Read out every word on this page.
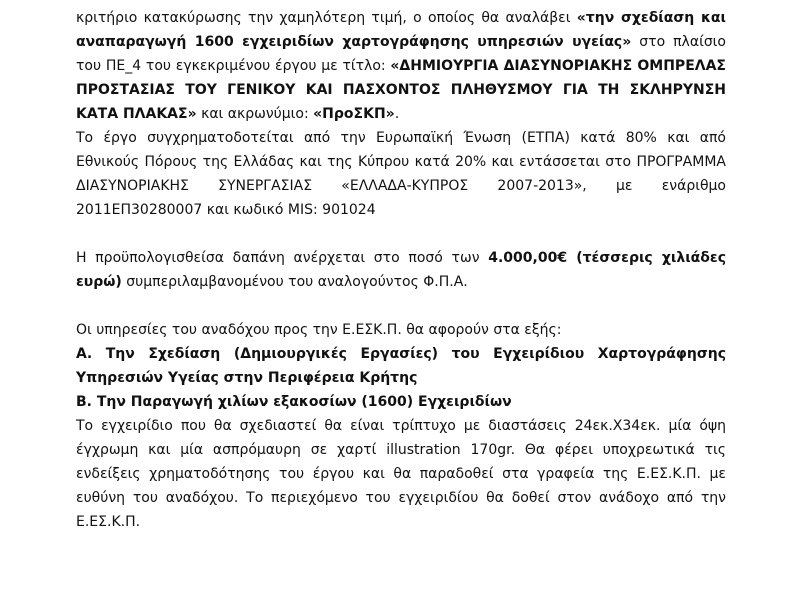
κριτήριο κατακύρωσης την χαμηλότερη τιμή, ο οποίος θα αναλάβει «την σχεδίαση και αναπαραγωγή 1600 εγχειριδίων χαρτογράφησης υπηρεσιών υγείας» στο πλαίσιο του ΠΕ_4 του εγκεκριμένου έργου με τίτλο: «ΔΗΜΙΟΥΡΓΙΑ ΔΙΑΣΥΝΟΡΙΑΚΗΣ ΟΜΠΡΕΛΑΣ ΠΡΟΣΤΑΣΙΑΣ ΤΟΥ ΓΕΝΙΚΟΥ ΚΑΙ ΠΑΣΧΟΝΤΟΣ ΠΛΗΘΥΣΜΟΥ ΓΙΑ ΤΗ ΣΚΛΗΡΥΝΣΗ ΚΑΤΑ ΠΛΑΚΑΣ» και ακρωνύμιο: «ΠροΣΚΠ».

Το έργο συγχρηματοδοτείται από την Ευρωπαϊκή Ένωση (ΕΤΠΑ) κατά 80% και από Εθνικούς Πόρους της Ελλάδας και της Κύπρου κατά 20% και εντάσσεται στο ΠΡΟΓΡΑΜΜΑ ΔΙΑΣΥΝΟΡΙΑΚΗΣ ΣΥΝΕΡΓΑΣΙΑΣ «ΕΛΛΑΔΑ-ΚΥΠΡΟΣ 2007-2013», με ενάριθμο 2011ΕΠ30280007 και κωδικό MIS: 901024

Η προϋπολογισθείσα δαπάνη ανέρχεται στο ποσό των 4.000,00€ (τέσσερις χιλιάδες ευρώ) συμπεριλαμβανομένου του αναλογούντος Φ.Π.Α.

Οι υπηρεσίες του αναδόχου προς την Ε.ΕΣΚ.Π. θα αφορούν στα εξής:

Α. Την Σχεδίαση (Δημιουργικές Εργασίες) του Εγχειρίδιου Χαρτογράφησης Υπηρεσιών Υγείας στην Περιφέρεια Κρήτης

Β. Την Παραγωγή χιλίων εξακοσίων (1600) Εγχειριδίων

Το εγχειρίδιο που θα σχεδιαστεί θα είναι τρίπτυχο με διαστάσεις 24εκ.Χ34εκ. μία όψη έγχρωμη και μία ασπρόμαυρη σε χαρτί illustration 170gr. Θα φέρει υποχρεωτικά τις ενδείξεις χρηματοδότησης του έργου και θα παραδοθεί στα γραφεία της Ε.ΕΣ.Κ.Π. με ευθύνη του αναδόχου. Το περιεχόμενο του εγχειριδίου θα δοθεί στον ανάδοχο από την Ε.ΕΣ.Κ.Π.
